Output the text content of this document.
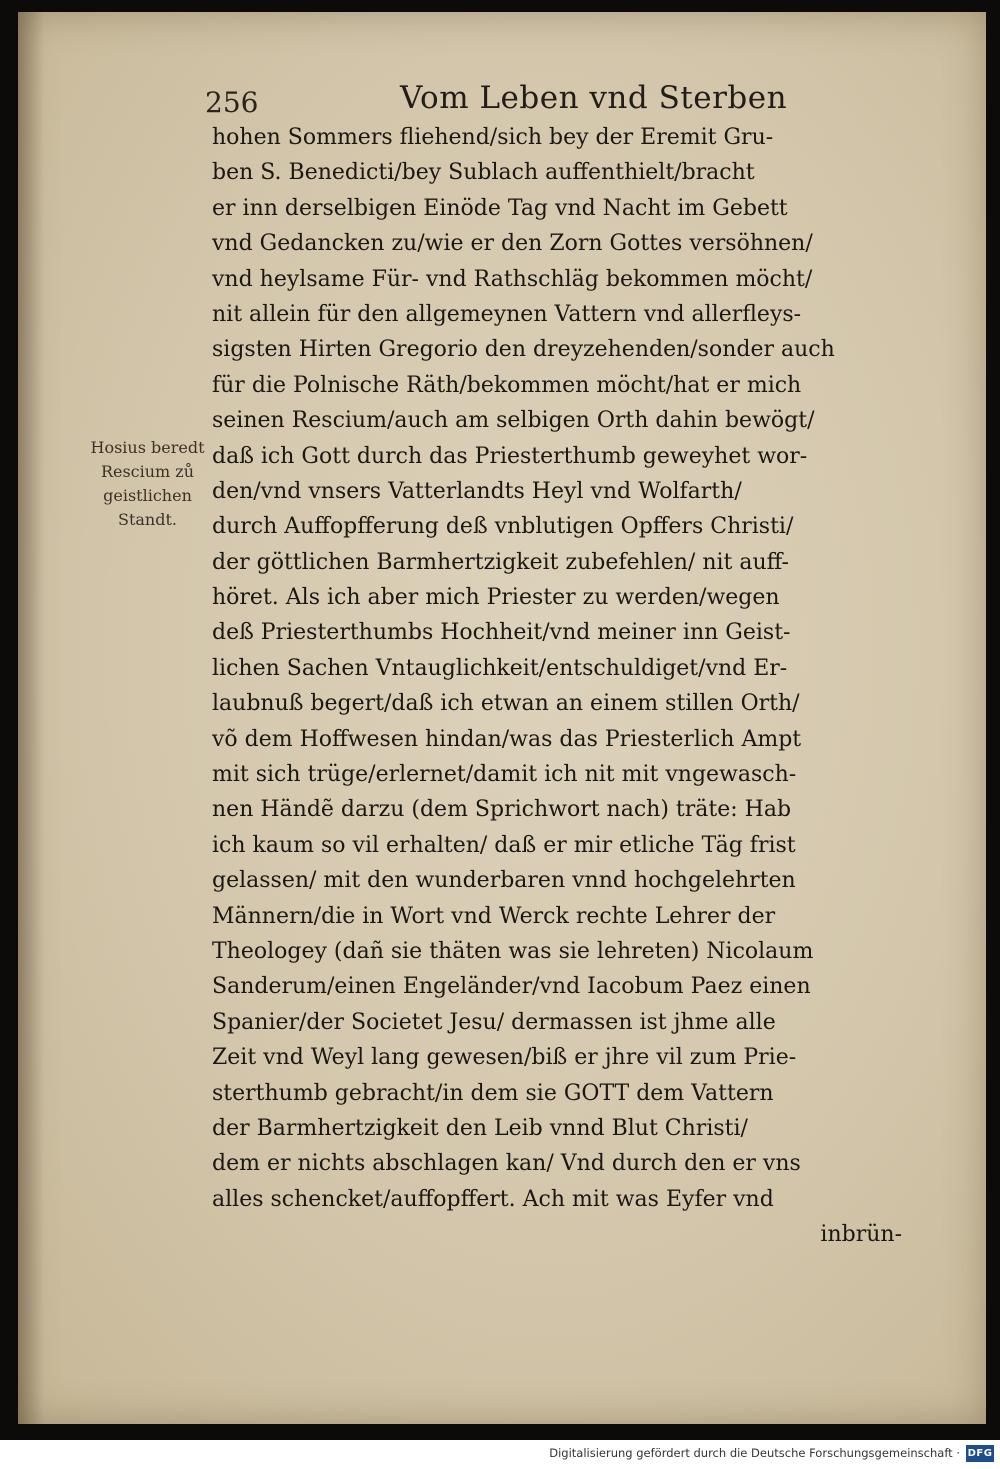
256	Vom Leben vnd Sterben
Hosius beredt
Rescium zů
geistlichen
Standt.
hohen Sommers fliehend/sich bey der Eremit Gru-
ben S. Benedicti/bey Sublach auffenthielt/bracht
er inn derselbigen Einöde Tag vnd Nacht im Gebett
vnd Gedancken zu/wie er den Zorn Gottes versöhnen/
vnd heylsame Für- vnd Rathschläg bekommen möcht/
nit allein für den allgemeynen Vattern vnd allerfleys-
sigsten Hirten Gregorio den dreyzehenden/sonder auch
für die Polnische Räth/bekommen möcht/hat er mich
seinen Rescium/auch am selbigen Orth dahin bewögt/
daß ich Gott durch das Priesterthumb geweyhet wor-
den/vnd vnsers Vatterlandts Heyl vnd Wolfarth/
durch Auffopfferung deß vnblutigen Opffers Christi/
der göttlichen Barmhertzigkeit zubefehlen/ nit auff-
höret. Als ich aber mich Priester zu werden/wegen
deß Priesterthumbs Hochheit/vnd meiner inn Geist-
lichen Sachen Vntauglichkeit/entschuldiget/vnd Er-
laubnuß begert/daß ich etwan an einem stillen Orth/
võ dem Hoffwesen hindan/was das Priesterlich Ampt
mit sich trüge/erlernet/damit ich nit mit vngewasch-
nen Händẽ darzu (dem Sprichwort nach) träte: Hab
ich kaum so vil erhalten/ daß er mir etliche Täg frist
gelassen/ mit den wunderbaren vnnd hochgelehrten
Männern/die in Wort vnd Werck rechte Lehrer der
Theologey (dañ sie thäten was sie lehreten) Nicolaum
Sanderum/einen Engeländer/vnd Iacobum Paez einen
Spanier/der Societet Jesu/ dermassen ist jhme alle
Zeit vnd Weyl lang gewesen/biß er jhre vil zum Prie-
sterthumb gebracht/in dem sie GOTT dem Vattern
der Barmhertzigkeit den Leib vnnd Blut Christi/
dem er nichts abschlagen kan/ Vnd durch den er vns
alles schencket/auffopffert. Ach mit was Eyfer vnd
inbrün-
Digitalisierung gefördert durch die Deutsche Forschungsgemeinschaft · DFG
